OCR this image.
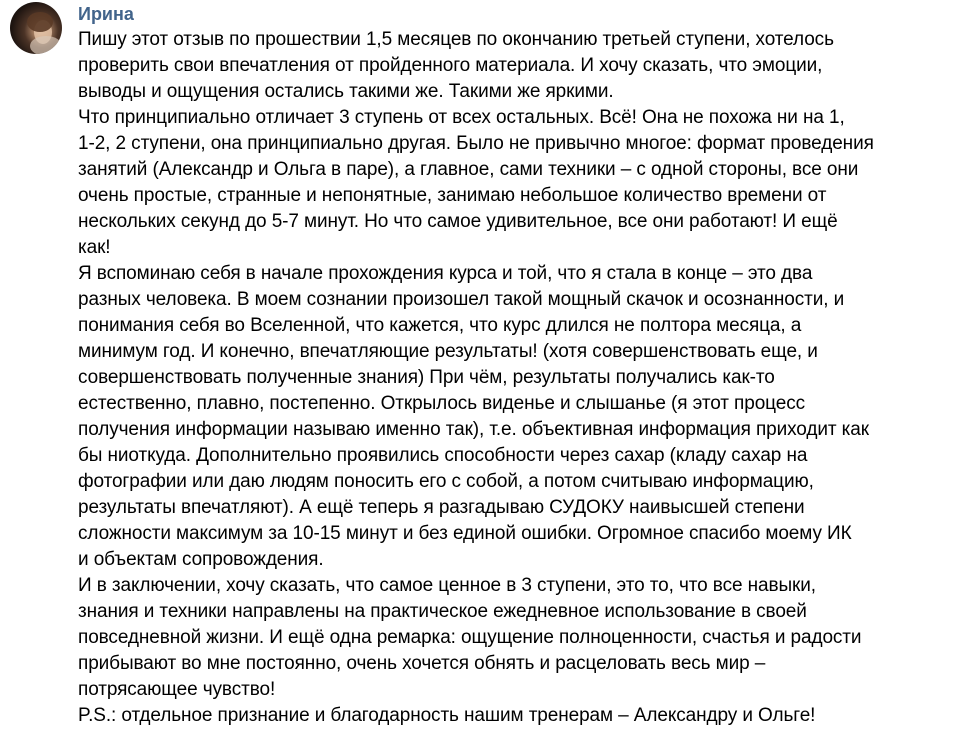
Ирина
Пишу этот отзыв по прошествии 1,5 месяцев по окончанию третьей ступени, хотелось
проверить свои впечатления от пройденного материала. И хочу сказать, что эмоции,
выводы и ощущения остались такими же. Такими же яркими.
Что принципиально отличает 3 ступень от всех остальных. Всё! Она не похожа ни на 1,
1-2, 2 ступени, она принципиально другая. Было не привычно многое: формат проведения
занятий (Александр и Ольга в паре), а главное, сами техники – с одной стороны, все они
очень простые, странные и непонятные, занимаю небольшое количество времени от
нескольких секунд до 5-7 минут. Но что самое удивительное, все они работают! И ещё
как!
Я вспоминаю себя в начале прохождения курса и той, что я стала в конце – это два
разных человека. В моем сознании произошел такой мощный скачок и осознанности, и
понимания себя во Вселенной, что кажется, что курс длился не полтора месяца, а
минимум год. И конечно, впечатляющие результаты! (хотя совершенствовать еще, и
совершенствовать полученные знания) При чём, результаты получались как-то
естественно, плавно, постепенно. Открылось виденье и слышанье (я этот процесс
получения информации называю именно так), т.е. объективная информация приходит как
бы ниоткуда. Дополнительно проявились способности через сахар (кладу сахар на
фотографии или даю людям поносить его с собой, а потом считываю информацию,
результаты впечатляют). А ещё теперь я разгадываю СУДОКУ наивысшей степени
сложности максимум за 10-15 минут и без единой ошибки. Огромное спасибо моему ИК
и объектам сопровождения.
И в заключении, хочу сказать, что самое ценное в 3 ступени, это то, что все навыки,
знания и техники направлены на практическое ежедневное использование в своей
повседневной жизни. И ещё одна ремарка: ощущение полноценности, счастья и радости
прибывают во мне постоянно, очень хочется обнять и расцеловать весь мир –
потрясающее чувство!
P.S.: отдельное признание и благодарность нашим тренерам – Александру и Ольге!
